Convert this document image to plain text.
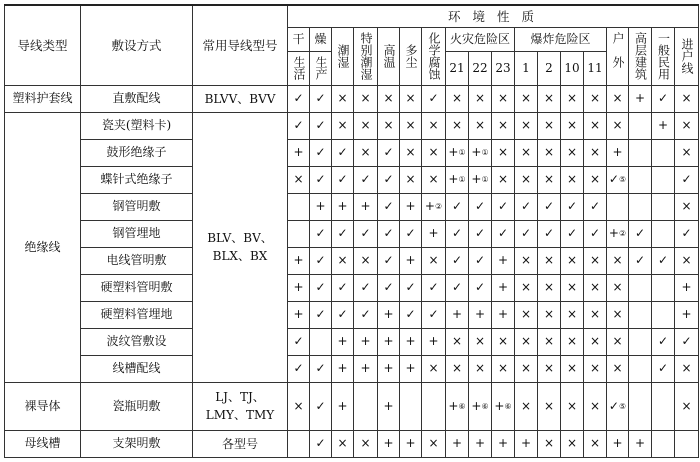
导线类型	敷设方式	常用导线型号	环 境 性 质																	
			干	燥	潮湿	特别潮湿	高温	多尘	化学腐蚀	火灾危险区			爆炸危险区				户外	高层建筑	一般民用	进户线

			生活	生产						21	22	23	1	2	10	11				
塑料护套线	直敷配线	BLVV、BVV	✓	✓	×	×	×	×	✓	×	×	×	×	×	×	×	×	+	✓	×
绝缘线	瓷夹(塑料卡)	BLV、BV、BLX、BX	✓	✓	×	×	×	×	×	×	×	×	×	×	×	×	×		+	×
	鼓形绝缘子		+	✓	✓	×	✓	×	×	+①	+①	×	×	×	×	×	+			×
	蝶针式绝缘子		×	✓	✓	✓	✓	×	×	+①	+①	×	×	×	×	×	✓⑤			✓
	钢管明敷			+	+	+	✓	+	+②	✓	✓	✓	✓	✓	✓	✓				×
	钢管埋地			✓	✓	✓	✓	✓	+	✓	✓	✓	✓	✓	✓	✓	+②	✓		✓
	电线管明敷		+	✓	×	×	✓	+	×	✓	✓	+	×	×	×	×	×	✓	✓	×
	硬塑料管明敷		+	✓	✓	✓	✓	✓	✓	✓	✓	+	×	×	×	×	×			+
	硬塑料管埋地		+	✓	✓	✓	+	✓	✓	+	+	+	×	×	×	×	×			+
	波纹管敷设		✓		+	+	+	+	+	×	×	×	×	×	×	×	×		✓	✓
	线槽配线		✓	✓	+	+	+	+	×	×	×	×	×	×	×	×	×		✓	×
裸导体	瓷瓶明敷	LJ、TJ、LMY、TMY	×	✓	+		+			+⑥	+⑥	+⑥	×	×	×	×	✓⑤			×
母线槽	支架明敷	各型号		✓	×	×	+	+	×	+	+	+	+	×	×	×	+	+		
